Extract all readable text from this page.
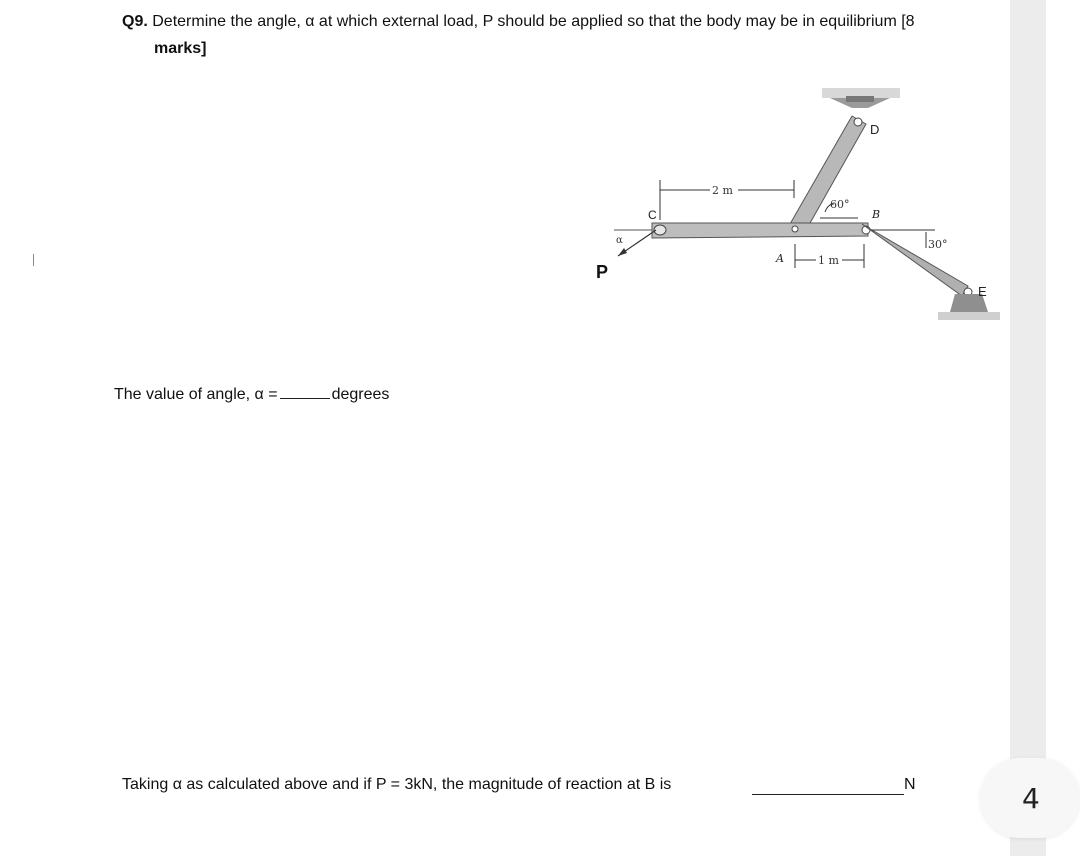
4
Q9. Determine the angle, α at which external load, P should be applied so that the body may be in equilibrium [8
marks]
2 m
1 m
60°
30°
α
C
D
B
A
E
P
The value of angle, α =	degrees
Taking α as calculated above and if P = 3kN, the magnitude of reaction at B is	N
